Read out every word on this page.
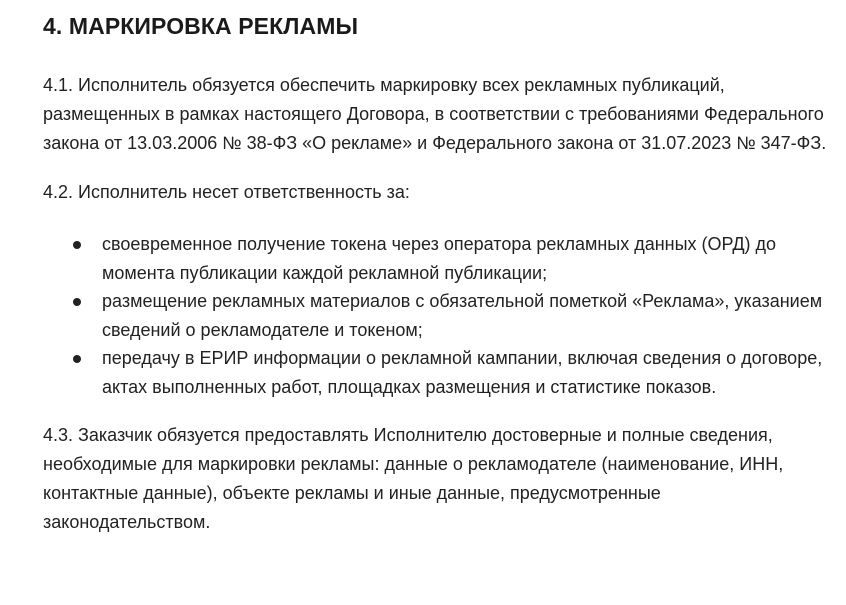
4. МАРКИРОВКА РЕКЛАМЫ

4.1. Исполнитель обязуется обеспечить маркировку всех рекламных публикаций, размещенных в рамках настоящего Договора, в соответствии с требованиями Федерального закона от 13.03.2006 № 38-ФЗ «О рекламе» и Федерального закона от 31.07.2023 № 347-ФЗ.

4.2. Исполнитель несет ответственность за:

своевременное получение токена через оператора рекламных данных (ОРД) до момента публикации каждой рекламной публикации;
размещение рекламных материалов с обязательной пометкой «Реклама», указанием сведений о рекламодателе и токеном;
передачу в ЕРИР информации о рекламной кампании, включая сведения о договоре, актах выполненных работ, площадках размещения и статистике показов.

4.3. Заказчик обязуется предоставлять Исполнителю достоверные и полные сведения, необходимые для маркировки рекламы: данные о рекламодателе (наименование, ИНН, контактные данные), объекте рекламы и иные данные, предусмотренные законодательством.
